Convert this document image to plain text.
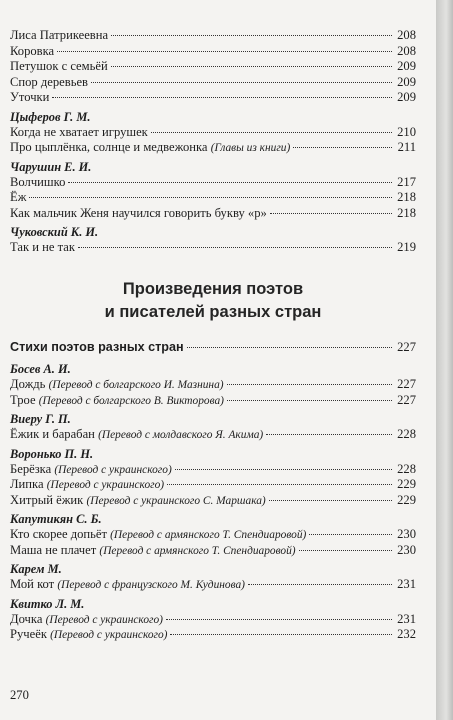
Лиса Патрикеевна	208
Коровка	208
Петушок с семьёй	209
Спор деревьев	209
Уточки	209
Цыферов Г. М.
Когда не хватает игрушек	210
Про цыплёнка, солнце и медвежонка (Главы из книги)	211
Чарушин Е. И.
Волчишко	217
Ёж	218
Как мальчик Женя научился говорить букву «р»	218
Чуковский К. И.
Так и не так	219
Произведения поэтов
и писателей разных стран
Стихи поэтов разных стран	227
Босев А. И.
Дождь (Перевод с болгарского И. Мазнина)	227
Трое (Перевод с болгарского В. Викторова)	227
Виеру Г. П.
Ёжик и барабан (Перевод с молдавского Я. Акима)	228
Воронько П. Н.
Берёзка (Перевод с украинского)	228
Липка (Перевод с украинского)	229
Хитрый ёжик (Перевод с украинского С. Маршака)	229
Капутикян С. Б.
Кто скорее допьёт (Перевод с армянского Т. Спендиаровой)	230
Маша не плачет (Перевод с армянского Т. Спендиаровой)	230
Карем М.
Мой кот (Перевод с французского М. Кудинова)	231
Квитко Л. М.
Дочка (Перевод с украинского)	231
Ручеёк (Перевод с украинского)	232
270
